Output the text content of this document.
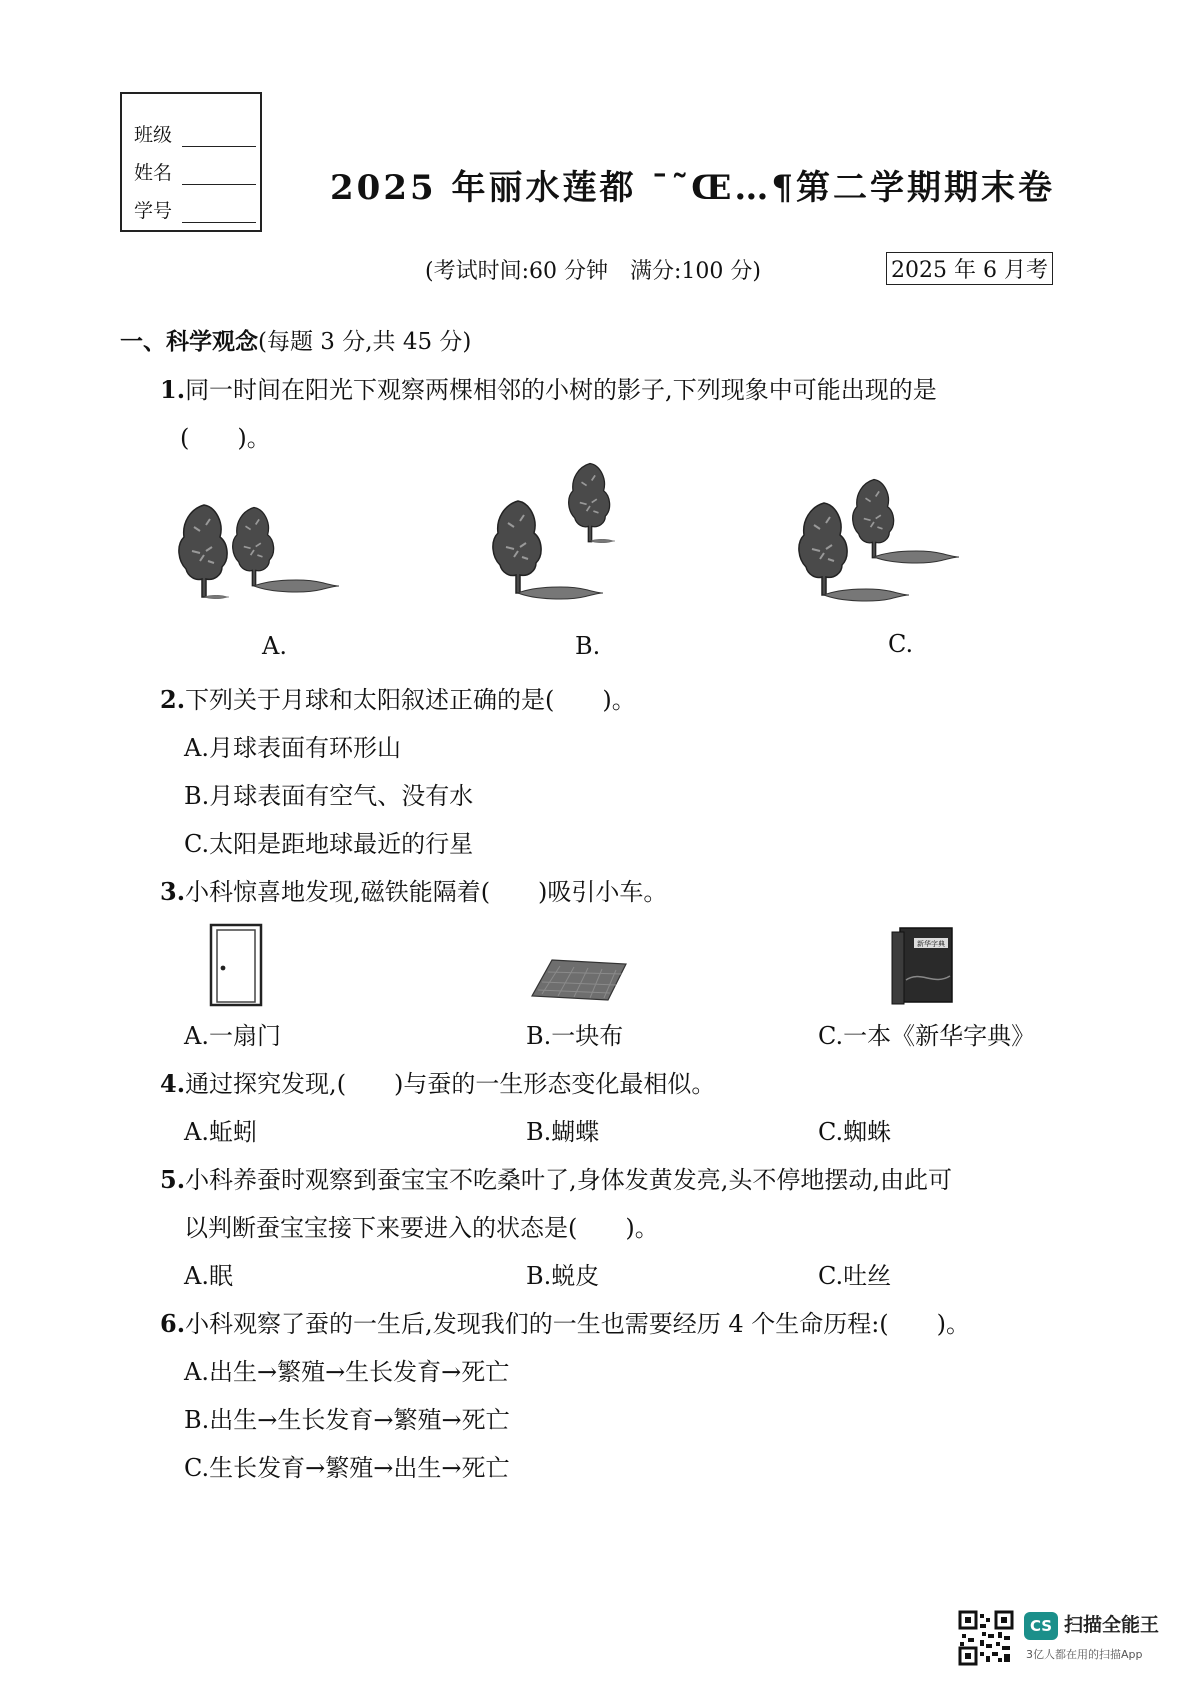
班级
姓名
学号
2025 年丽水莲都 ˉ˜Œ…¶第二学期期末卷
(考试时间:60 分钟　满分:100 分)	2025 年 6 月考
一、科学观念(每题 3 分,共 45 分)
1.同一时间在阳光下观察两棵相邻的小树的影子,下列现象中可能出现的是
(　　)。
A.	B.	C.
2.下列关于月球和太阳叙述正确的是(　　)。
A.月球表面有环形山
B.月球表面有空气、没有水
C.太阳是距地球最近的行星
3.小科惊喜地发现,磁铁能隔着(　　)吸引小车。
新华字典
A.一扇门	B.一块布	C.一本《新华字典》
4.通过探究发现,(　　)与蚕的一生形态变化最相似。
A.蚯蚓	B.蝴蝶	C.蜘蛛
5.小科养蚕时观察到蚕宝宝不吃桑叶了,身体发黄发亮,头不停地摆动,由此可
以判断蚕宝宝接下来要进入的状态是(　　)。
A.眠	B.蜕皮	C.吐丝
6.小科观察了蚕的一生后,发现我们的一生也需要经历 4 个生命历程:(　　)。
A.出生→繁殖→生长发育→死亡
B.出生→生长发育→繁殖→死亡
C.生长发育→繁殖→出生→死亡
CS 扫描全能王
3亿人都在用的扫描App
